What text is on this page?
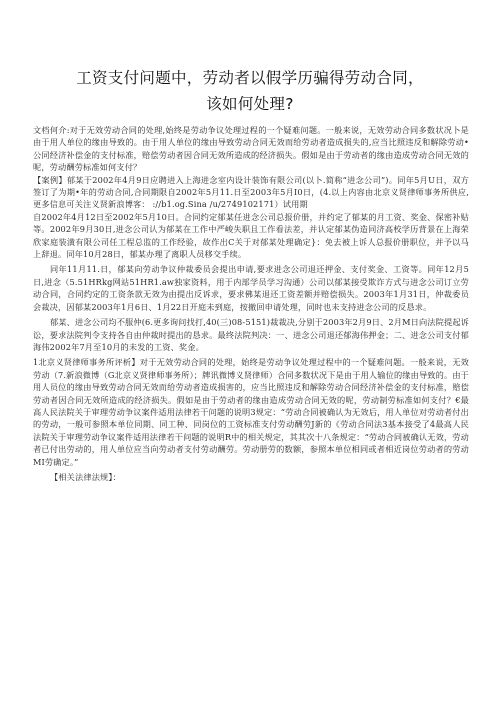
工资支付问题中，劳动者以假学历骗得劳动合同，
该如何处理?

文档何介:对于无效劳动合同的处理,始终是劳动争议处理过程的一个疑难问题。一般来说，无效劳动合同多数状况卜是由于用人单位的缘由导致的。由于用人单位的缘由导致劳动合同无效而给劳动者造成损失的,应当比照违反和解除劳动•公同经济补偿金的支付标准，赔偿劳动者因合同无效所造成的经济损失。假如是由于劳动者的缘由造成劳动合同无效的呢，劳动酬劳标准如何支付？

【案例】郁某于2002年4月9日应聘进入上海进念室内设计装饰有限公司(以卜.简称“进念公司”)。同年5月U日，双方签订了为期•年的劳动合同,合同期限自2002年5月11.日至2003年5月I0日，(4.以上内容由北京义贤律师事务所供应,更多信息可关注义贤新浪博客： ://b1.og.Sina /u/2749102171）试用期

自2002年4月12日至2002年5月10日。合同约定郁某任进念公司总报价册，并约定了郁某的月工资、奖金、保密补贴等。2002年9月30日,进念公司认为郁某在工作中严峻失职且工作看法差，并认定郁某伪造同济高校学历背景在上海荣欣家庭装潢有限公司任工程总监的工作经验，故作出C关于对郁某处理确定}：免去被上诉人总报价册职位，并予以马上辞退。同年10月28日，郁某办理了离职人员移交手续。

同年11月11.日，郁某向劳动争议仲裁委员会提出申请,要求进念公司退还押金、支付奖金、工资等。同年12月5日,进念（5.51HRkg网站51HR1.aw独家资料，用于内部学员学习沟通）公司以郁某接受欺诈方式与进念公司订立劳动合同，合同约定的工资条款无效为由提出反诉求，要求佛某退还工资差额并赔偿损失。2003年1月31日，仲裁委员会裁决，因郁某2003年1月6日、1月22日开庭未到庭，按撤回申请处理，同时也未支持进念公司的反恳求。

郁某、进念公司均不服仲(6.更多询问找打,40(三)08-5151)裁裁决,分别于2003年2月9日、2月M日向法院提起诉讼，要求法院判令支持各自由仲裁时提出的恳求。最终法院判决：一、进念公司退还郁海伟押金；二、进念公司支付郁海伟2002年7月至10月的未发的工资、奖金。

1北京义贤律师事务所评析】对于无效劳动合同的处理，始终是劳动争议处理过程中的一个疑难问题。一般来说，无效劳动（7.新浪微博（G北京义贤律师事务所）；牌讯微博义贤律师）合同多数状况下是由于用人输位的缘由导致的。由于用人员位的缘由导致劳动合同无效而给劳动者造成损害的，应当比照违反和解除劳动合同经济补偿金的支付标准，赔偿劳动者因合同无效所造成的经济损失。假如是由于劳动者的缘由造成劳动合同无效的呢，劳动制劳标准如何支付？€最高人民法院关于审理劳动争议案件适用法律若干问题的说明3规定：“劳动合同被确认为无效后，用人单位对劳动者付出的劳动，一般可参照本单位同期、同工种、同岗位的工资标准支付劳动酬劳J新的《劳动合同法3基本接受了4最高人民法院关于审理劳动争议案件适用法律若干问题的说明R中的相关规定，其其次十八条规定：“劳动合同被确认无效，劳动者已付出劳动的，用人单位应当向劳动者支付劳动酬劳。劳动册劳的数额，参照本单位相同或者相近岗位劳动者的劳动MI劳确定。”

【相关法律法规】：
